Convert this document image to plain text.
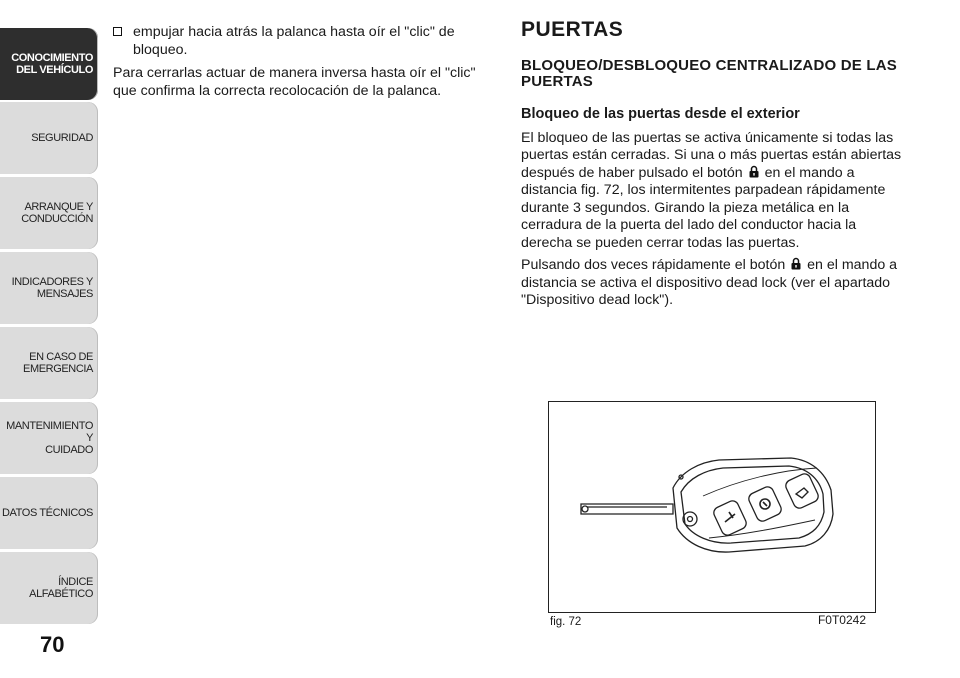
CONOCIMIENTO
DEL VEHÍCULO
SEGURIDAD
ARRANQUE Y
CONDUCCIÓN
INDICADORES Y
MENSAJES
EN CASO DE
EMERGENCIA
MANTENIMIENTO Y
CUIDADO
DATOS TÉCNICOS
ÍNDICE ALFABÉTICO
70
empujar hacia atrás la palanca hasta oír el "clic" de bloqueo.

Para cerrarlas actuar de manera inversa hasta oír el "clic" que confirma la correcta recolocación de la palanca.

PUERTAS
BLOQUEO/DESBLOQUEO CENTRALIZADO DE LAS PUERTAS
Bloqueo de las puertas desde el exterior

El bloqueo de las puertas se activa únicamente si todas las puertas están cerradas. Si una o más puertas están abiertas después de haber pulsado el botón en el mando a distancia fig. 72, los intermitentes parpadean rápidamente durante 3 segundos. Girando la pieza metálica en la cerradura de la puerta del lado del conductor hacia la derecha se pueden cerrar todas las puertas.

Pulsando dos veces rápidamente el botón en el mando a distancia se activa el dispositivo dead lock (ver el apartado "Dispositivo dead lock").

fig. 72	F0T0242
